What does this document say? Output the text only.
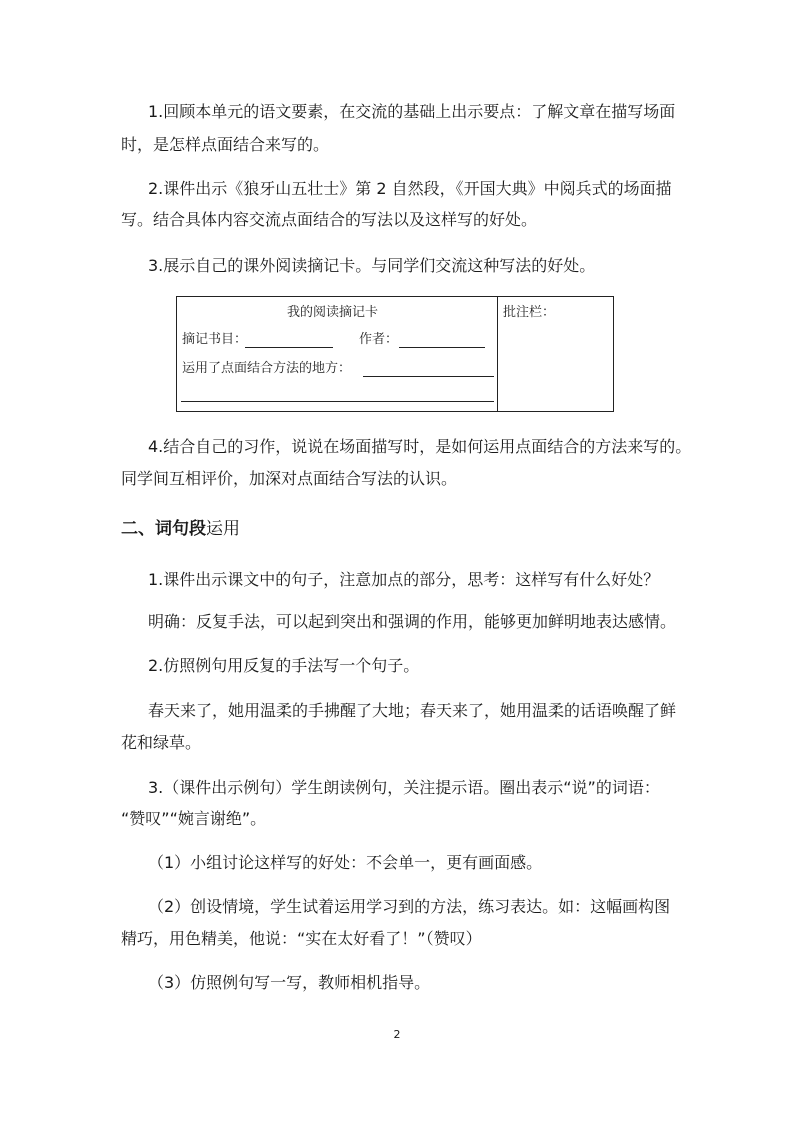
1.回顾本单元的语文要素，在交流的基础上出示要点：了解文章在描写场面
时，是怎样点面结合来写的。
2.课件出示《狼牙山五壮士》第 2 自然段，《开国大典》中阅兵式的场面描
写。结合具体内容交流点面结合的写法以及这样写的好处。
3.展示自己的课外阅读摘记卡。与同学们交流这种写法的好处。
我的阅读摘记卡
摘记书目：	作者：
运用了点面结合方法的地方：
批注栏：
4.结合自己的习作，说说在场面描写时，是如何运用点面结合的方法来写的。
同学间互相评价，加深对点面结合写法的认识。
二、词句段运用
1.课件出示课文中的句子，注意加点的部分，思考：这样写有什么好处？
明确：反复手法，可以起到突出和强调的作用，能够更加鲜明地表达感情。
2.仿照例句用反复的手法写一个句子。
春天来了，她用温柔的手拂醒了大地；春天来了，她用温柔的话语唤醒了鲜
花和绿草。
3.（课件出示例句）学生朗读例句，关注提示语。圈出表示“说”的词语：
“赞叹”“婉言谢绝”。
（1）小组讨论这样写的好处：不会单一，更有画面感。
（2）创设情境，学生试着运用学习到的方法，练习表达。如：这幅画构图
精巧，用色精美，他说：“实在太好看了！”（赞叹）
（3）仿照例句写一写，教师相机指导。
2
